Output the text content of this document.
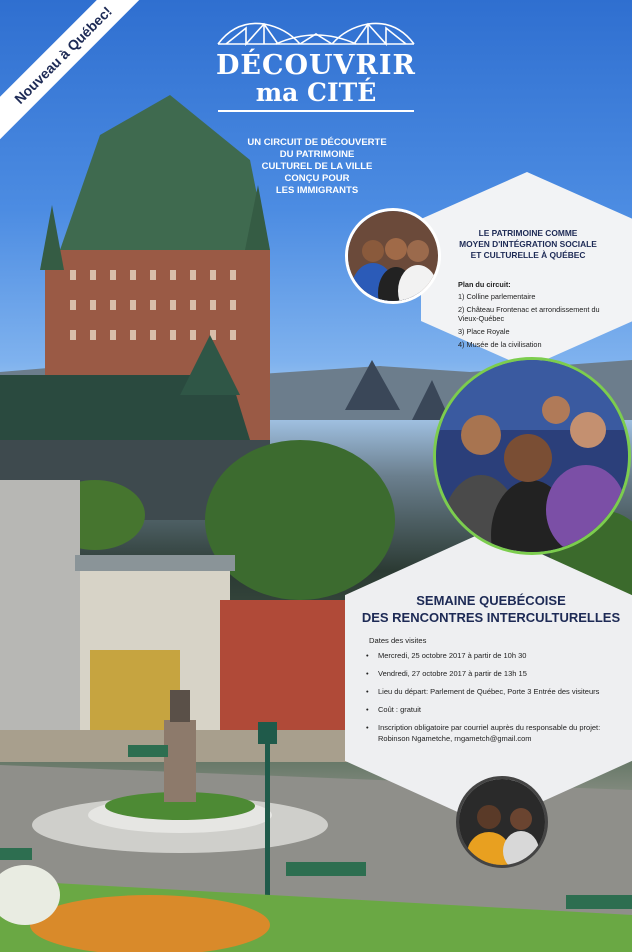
Nouveau à Québec!	DÉCOUVRIR
ma CITÉ
UN CIRCUIT DE DÉCOUVERTE
DU PATRIMOINE
CULTUREL DE LA VILLE
CONÇU POUR
LES IMMIGRANTS
LE PATRIMOINE COMME
MOYEN D'INTÉGRATION SOCIALE
ET CULTURELLE À QUÉBEC
Plan du circuit:
1) Colline parlementaire
2) Château Frontenac et arrondissement du Vieux-Québec
3) Place Royale
4) Musée de la civilisation
SEMAINE QUEBÉCOISE
DES RENCONTRES INTERCULTURELLES
Dates des visites
• Mercredi, 25 octobre 2017 à partir de 10h 30
• Vendredi, 27 octobre 2017 à partir de 13h 15
• Lieu du départ: Parlement de Québec, Porte 3 Entrée des visiteurs
• Coût : gratuit
• Inscription obligatoire par courriel auprès du responsable du projet: Robinson Ngametche, rngametch@gmail.com
